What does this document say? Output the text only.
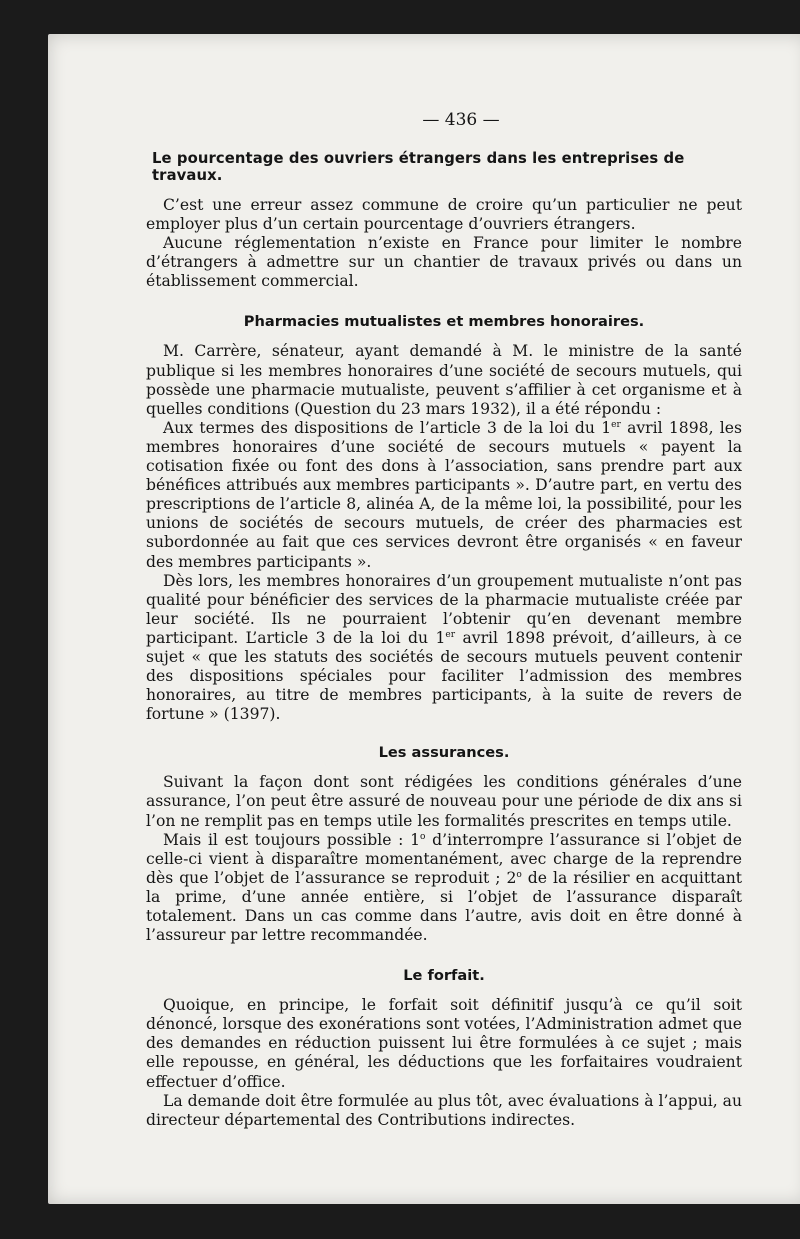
— 436 —
Le pourcentage des ouvriers étrangers dans les entreprises de travaux.

C’est une erreur assez commune de croire qu’un particulier ne peut employer plus d’un certain pourcentage d’ouvriers étrangers.

Aucune réglementation n’existe en France pour limiter le nombre d’étrangers à admettre sur un chantier de travaux privés ou dans un établissement commercial.

Pharmacies mutualistes et membres honoraires.

M. Carrère, sénateur, ayant demandé à M. le ministre de la santé publique si les membres honoraires d’une société de secours mutuels, qui possède une pharmacie mutualiste, peuvent s’affilier à cet organisme et à quelles conditions (Question du 23 mars 1932), il a été répondu :

Aux termes des dispositions de l’article 3 de la loi du 1er avril 1898, les membres honoraires d’une société de secours mutuels « payent la cotisation fixée ou font des dons à l’association, sans prendre part aux bénéfices attribués aux membres participants ». D’autre part, en vertu des prescriptions de l’article 8, alinéa A, de la même loi, la possibilité, pour les unions de sociétés de secours mutuels, de créer des pharmacies est subordonnée au fait que ces services devront être organisés « en faveur des membres participants ».

Dès lors, les membres honoraires d’un groupement mutualiste n’ont pas qualité pour bénéficier des services de la pharmacie mutualiste créée par leur société. Ils ne pourraient l’obtenir qu’en devenant membre participant. L’article 3 de la loi du 1er avril 1898 prévoit, d’ailleurs, à ce sujet « que les statuts des sociétés de secours mutuels peuvent contenir des dispositions spéciales pour faciliter l’admission des membres honoraires, au titre de membres participants, à la suite de revers de fortune » (1397).

Les assurances.

Suivant la façon dont sont rédigées les conditions générales d’une assurance, l’on peut être assuré de nouveau pour une période de dix ans si l’on ne remplit pas en temps utile les formalités prescrites en temps utile.

Mais il est toujours possible : 1$^o$ d’interrompre l’assurance si l’objet de celle-ci vient à disparaître momentanément, avec charge de la reprendre dès que l’objet de l’assurance se reproduit ; 2$^o$ de la résilier en acquittant la prime, d’une année entière, si l’objet de l’assurance disparaît totalement. Dans un cas comme dans l’autre, avis doit en être donné à l’assureur par lettre recommandée.

Le forfait.

Quoique, en principe, le forfait soit définitif jusqu’à ce qu’il soit dénoncé, lorsque des exonérations sont votées, l’Administration admet que des demandes en réduction puissent lui être formulées à ce sujet ; mais elle repousse, en général, les déductions que les forfaitaires voudraient effectuer d’office.

La demande doit être formulée au plus tôt, avec évaluations à l’appui, au directeur départemental des Contributions indirectes.
